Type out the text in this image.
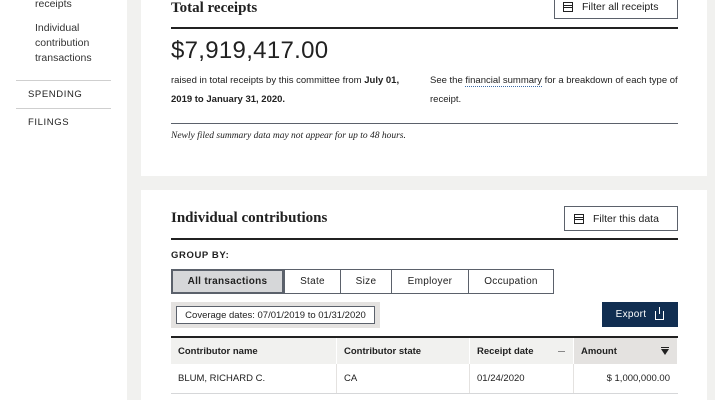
receipts
Individual contribution transactions
SPENDING
FILINGS
Total receipts	Filter all receipts
$7,919,417.00
raised in total receipts by this committee from July 01, 2019 to January 31, 2020.
See the financial summary for a breakdown of each type of receipt.
Newly filed summary data may not appear for up to 48 hours.
Individual contributions	Filter this data
GROUP BY:
All transactions	State	Size	Employer	Occupation
Coverage dates: 07/01/2019 to 01/31/2020	Export
Contributor name	Contributor state	Receipt date	Amount
BLUM, RICHARD C.	CA	01/24/2020	$ 1,000,000.00
